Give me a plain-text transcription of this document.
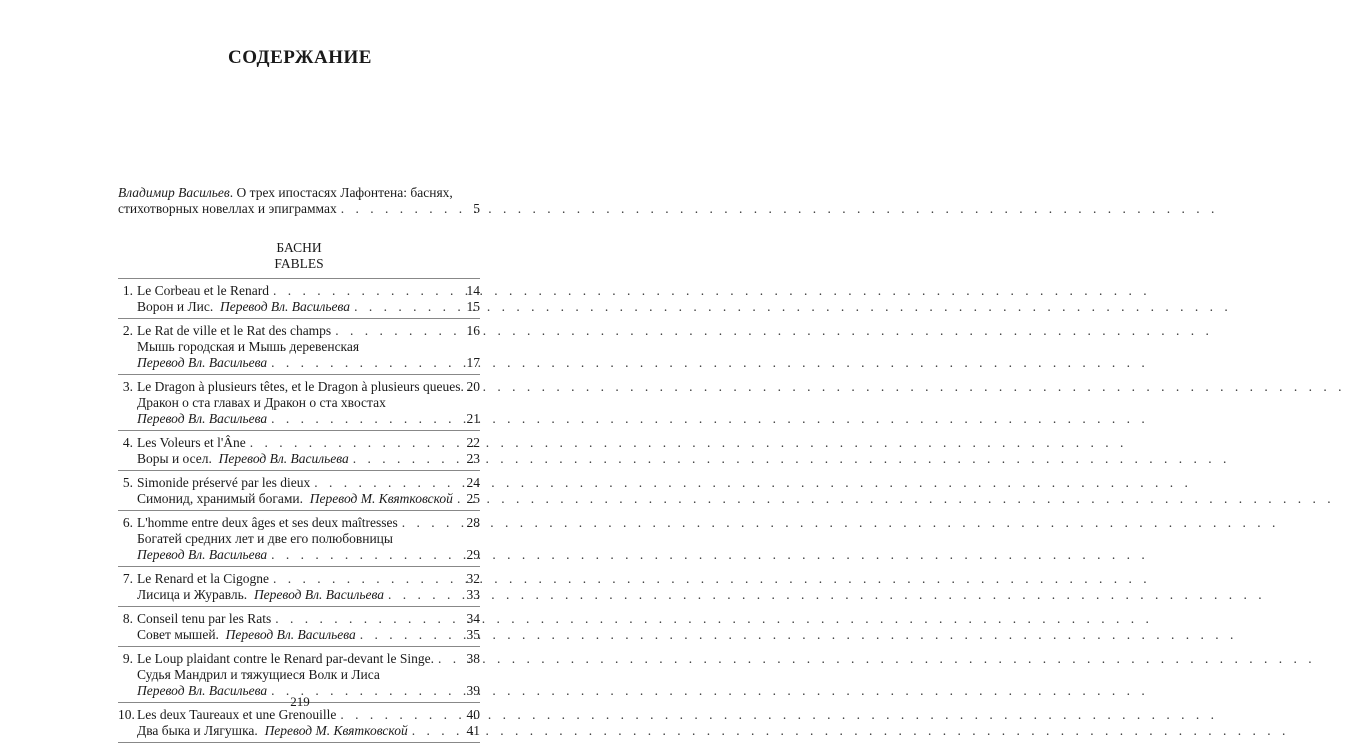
СОДЕРЖАНИЕ
Владимир Васильев . О трех ипостасях Лафонтена: баснях,
стихотворных новеллах и эпиграммах . . .	5
БАСНИ
FABLES
1. Le Corbeau et le Renard . . .	14
Ворон и Лис.  Перевод Вл. Васильева . . .	15
2. Le Rat de ville et le Rat des champs . . .	16
Мышь городская и Мышь деревенская
Перевод Вл. Васильева . . .	17
3. Le Dragon à plusieurs têtes, et le Dragon à plusieurs queues. . . . 20
Дракон о ста главах и Дракон о ста хвостах
Перевод Вл. Васильева . . .	21
4. Les Voleurs et l'Âne . . .	22
Воры и осел.  Перевод Вл. Васильева . . .	23
5. Simonide préservé par les dieux . . .	24
Симонид, хранимый богами.  Перевод М. Квятковской . . . 25
6. L'homme entre deux âges et ses deux maîtresses . . .	28
Богатей средних лет и две его полюбовницы
Перевод Вл. Васильева . . .	29
7. Le Renard et la Cigogne . . .	32
Лисица и Журавль.  Перевод Вл. Васильева . . .	33
8. Conseil tenu par les Rats . . .	34
Совет мышей.  Перевод Вл. Васильева . . .	35
9. Le Loup plaidant contre le Renard par-devant le Singe. . . . 38
Судья Мандрил и тяжущиеся Волк и Лиса
Перевод Вл. Васильева . . .	39
10. Les deux Taureaux et une Grenouille . . .	40
Два быка и Лягушка.  Перевод М. Квятковской . . .	41
219
